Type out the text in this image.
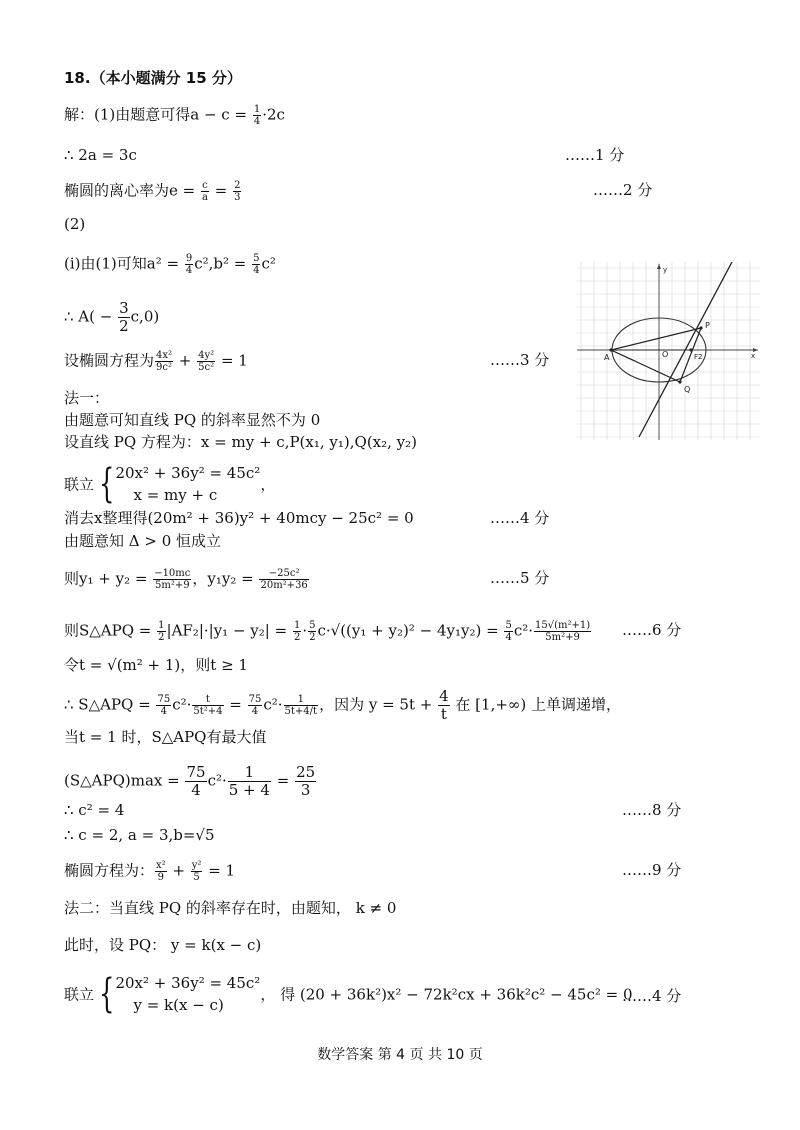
18.（本小题满分 15 分）
解：(1)由题意可得$a - c = \frac{1}{4} \cdot 2c$
∴ 2a = 3c	……1 分
椭圆的离心率为$e = \frac{c}{a} = \frac{2}{3}$	……2 分
(2)
(i)由(1)可知$a^2 = \frac{9}{4} c^2,b^2 = \frac{5}{4} c^2$
∴ $A( - \frac{3}{2} c,0)$
设椭圆方程为 $\frac{\text{4x²}}{\text{9c²}} + \frac{\text{4y²}}{\text{5c²}} = 1$	……3 分
法一：
由题意可知直线 PQ 的斜率显然不为 0
设直线 PQ 方程为：x = my + c,P(x₁, y₁),Q(x₂, y₂)
联立 { 20x² + 36y² = 45c²
x = my + c
，
消去x整理得(20m² + 36)y² + 40mcy − 25c² = 0	……4 分
由题意知 Δ > 0 恒成立
则$y_1 + y_2 = \frac{-10mc}{\text{5m²+9}}$ ，$y_1y_2 = \frac{\text{−25c²}}{\text{20m²+36}}$	……5 分
则S△APQ = $\frac{1}{2} |AF_2|\cdot|y_1 - y_2| = \frac{1}{2} \cdot \frac{5}{2} c\cdot√((y_1 + y_2)^2 - 4y_1y_2) = \frac{5}{4} c^2\cdot \frac{\text{15√(m²+1)}}{\text{5m²+9}}$ ……6 分
令t = √(m² + 1)，则t ≥ 1
∴ S△APQ = $\frac{75}{4} c^2\cdot \frac{t}{\text{5t²+4}} = \frac{75}{4} c^2\cdot \frac{1}{5t+4/t}$ ，因为 $y = 5t + \frac{4}{t}$ 在 [1,+∞) 上单调递增，
当t = 1 时，S△APQ有最大值
(S△APQ)max = $\frac{75}{4} c^2\cdot \frac{1}{5 + 4} = \frac{25}{3}$
∴ c² = 4	……8 分
∴ c = 2, a = 3,b=√5
椭圆方程为： $\frac{\text{x²}}{9} + \frac{\text{y²}}{5} = 1$	……9 分
法二：当直线 PQ 的斜率存在时，由题知， k ≠ 0
此时，设 PQ： y = k(x − c)
联立 { 20x² + 36y² = 45c²
y = k(x − c)
， 得 (20 + 36k²)x² − 72k²cx + 36k²c² − 45c² = 0
……4 分
A	O
P
Q
F2	x
y
数学答案 第 4 页 共 10 页
